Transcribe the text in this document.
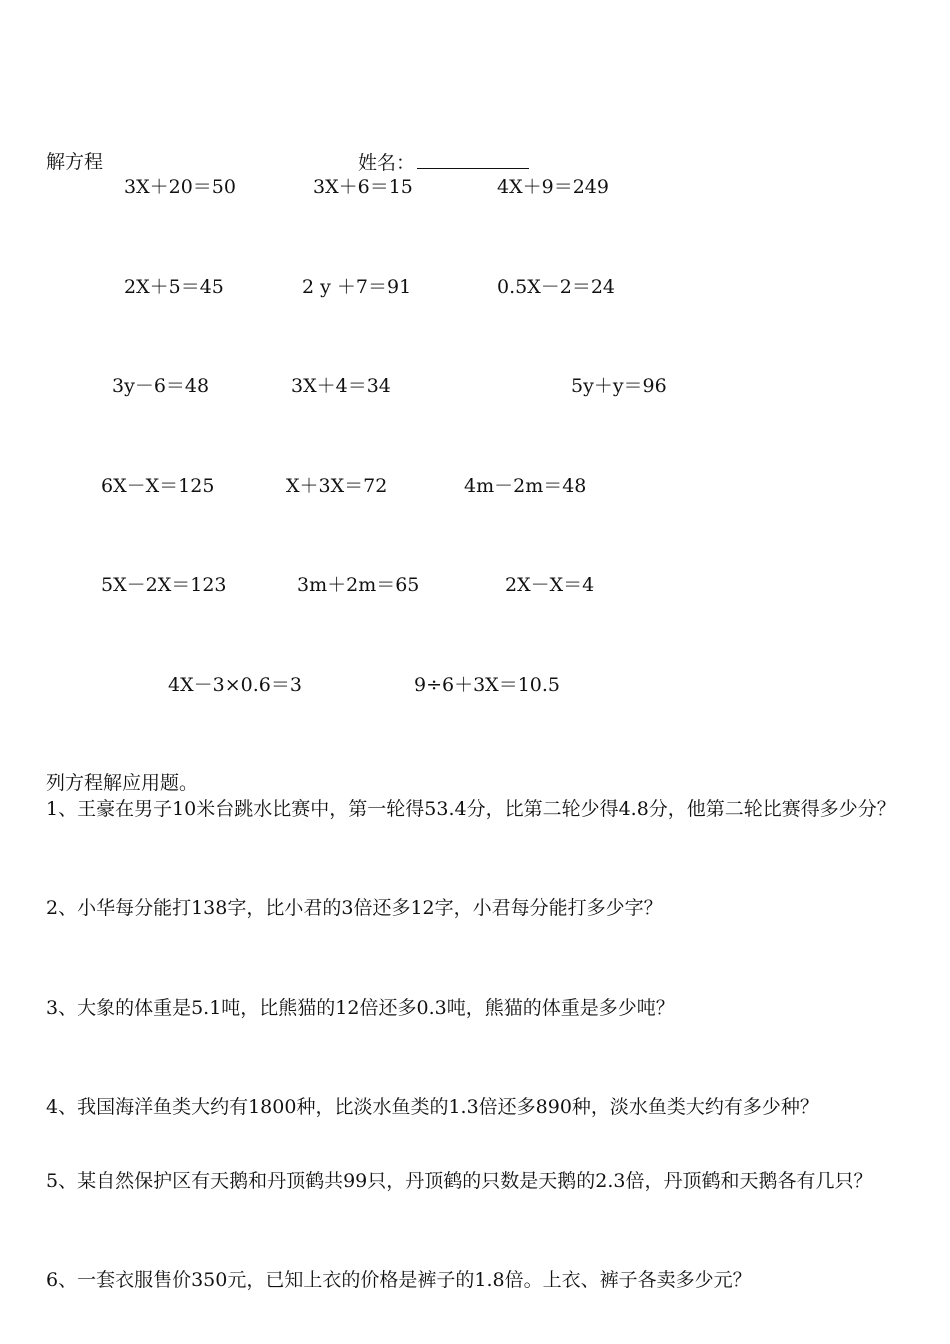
解方程	姓名：
3X＋20＝50	3X＋6＝15	4X＋9＝249
2X＋5＝45	2 y ＋7＝91	0.5X－2＝24
3y－6＝48	3X＋4＝34	5y＋y＝96
6X－X＝125	X＋3X＝72	4m－2m＝48
5X－2X＝123	3m＋2m＝65	2X－X＝4
4X－3×0.6＝3	9÷6＋3X＝10.5
列方程解应用题。
1、王豪在男子10米台跳水比赛中，第一轮得53.4分，比第二轮少得4.8分，他第二轮比赛得多少分？
2、小华每分能打138字，比小君的3倍还多12字，小君每分能打多少字？
3、大象的体重是5.1吨，比熊猫的12倍还多0.3吨，熊猫的体重是多少吨？
4、我国海洋鱼类大约有1800种，比淡水鱼类的1.3倍还多890种，淡水鱼类大约有多少种？
5、某自然保护区有天鹅和丹顶鹤共99只，丹顶鹤的只数是天鹅的2.3倍，丹顶鹤和天鹅各有几只？
6、一套衣服售价350元，已知上衣的价格是裤子的1.8倍。上衣、裤子各卖多少元？
